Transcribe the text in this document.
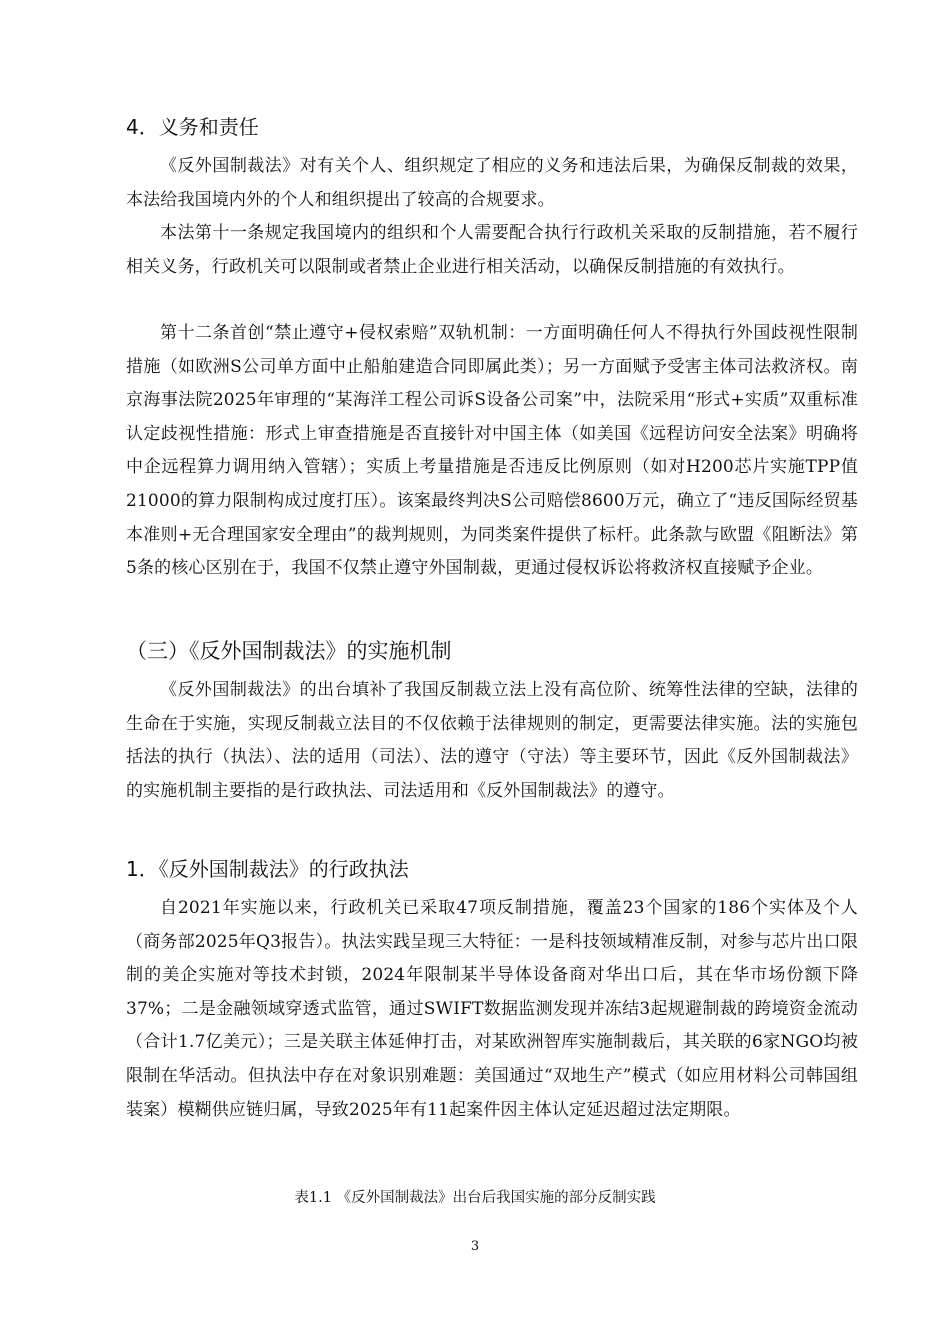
4．义务和责任

《反外国制裁法》对有关个人、组织规定了相应的义务和违法后果，为确保反制裁的效果，本法给我国境内外的个人和组织提出了较高的合规要求。

本法第十一条规定我国境内的组织和个人需要配合执行行政机关采取的反制措施，若不履行相关义务，行政机关可以限制或者禁止企业进行相关活动，以确保反制措施的有效执行。

第十二条首创“禁止遵守+侵权索赔”双轨机制：一方面明确任何人不得执行外国歧视性限制措施（如欧洲S公司单方面中止船舶建造合同即属此类）；另一方面赋予受害主体司法救济权。南京海事法院2025年审理的“某海洋工程公司诉S设备公司案”中，法院采用“形式+实质”双重标准认定歧视性措施：形式上审查措施是否直接针对中国主体（如美国《远程访问安全法案》明确将中企远程算力调用纳入管辖）；实质上考量措施是否违反比例原则（如对H200芯片实施TPP值21000的算力限制构成过度打压）。该案最终判决S公司赔偿8600万元，确立了“违反国际经贸基本准则+无合理国家安全理由”的裁判规则，为同类案件提供了标杆。此条款与欧盟《阻断法》第5条的核心区别在于，我国不仅禁止遵守外国制裁，更通过侵权诉讼将救济权直接赋予企业。

（三）《反外国制裁法》的实施机制

《反外国制裁法》的出台填补了我国反制裁立法上没有高位阶、统筹性法律的空缺，法律的生命在于实施，实现反制裁立法目的不仅依赖于法律规则的制定，更需要法律实施。法的实施包括法的执行（执法）、法的适用（司法）、法的遵守（守法）等主要环节，因此《反外国制裁法》的实施机制主要指的是行政执法、司法适用和《反外国制裁法》的遵守。

1．《反外国制裁法》的行政执法

自2021年实施以来，行政机关已采取47项反制措施，覆盖23个国家的186个实体及个人（商务部2025年Q3报告）。执法实践呈现三大特征：一是科技领域精准反制，对参与芯片出口限制的美企实施对等技术封锁，2024年限制某半导体设备商对华出口后，其在华市场份额下降37%；二是金融领域穿透式监管，通过SWIFT数据监测发现并冻结3起规避制裁的跨境资金流动（合计1.7亿美元）；三是关联主体延伸打击，对某欧洲智库实施制裁后，其关联的6家NGO均被限制在华活动。但执法中存在对象识别难题：美国通过“双地生产”模式（如应用材料公司韩国组装案）模糊供应链归属，导致2025年有11起案件因主体认定延迟超过法定期限。

表1.1 《反外国制裁法》出台后我国实施的部分反制实践

3
